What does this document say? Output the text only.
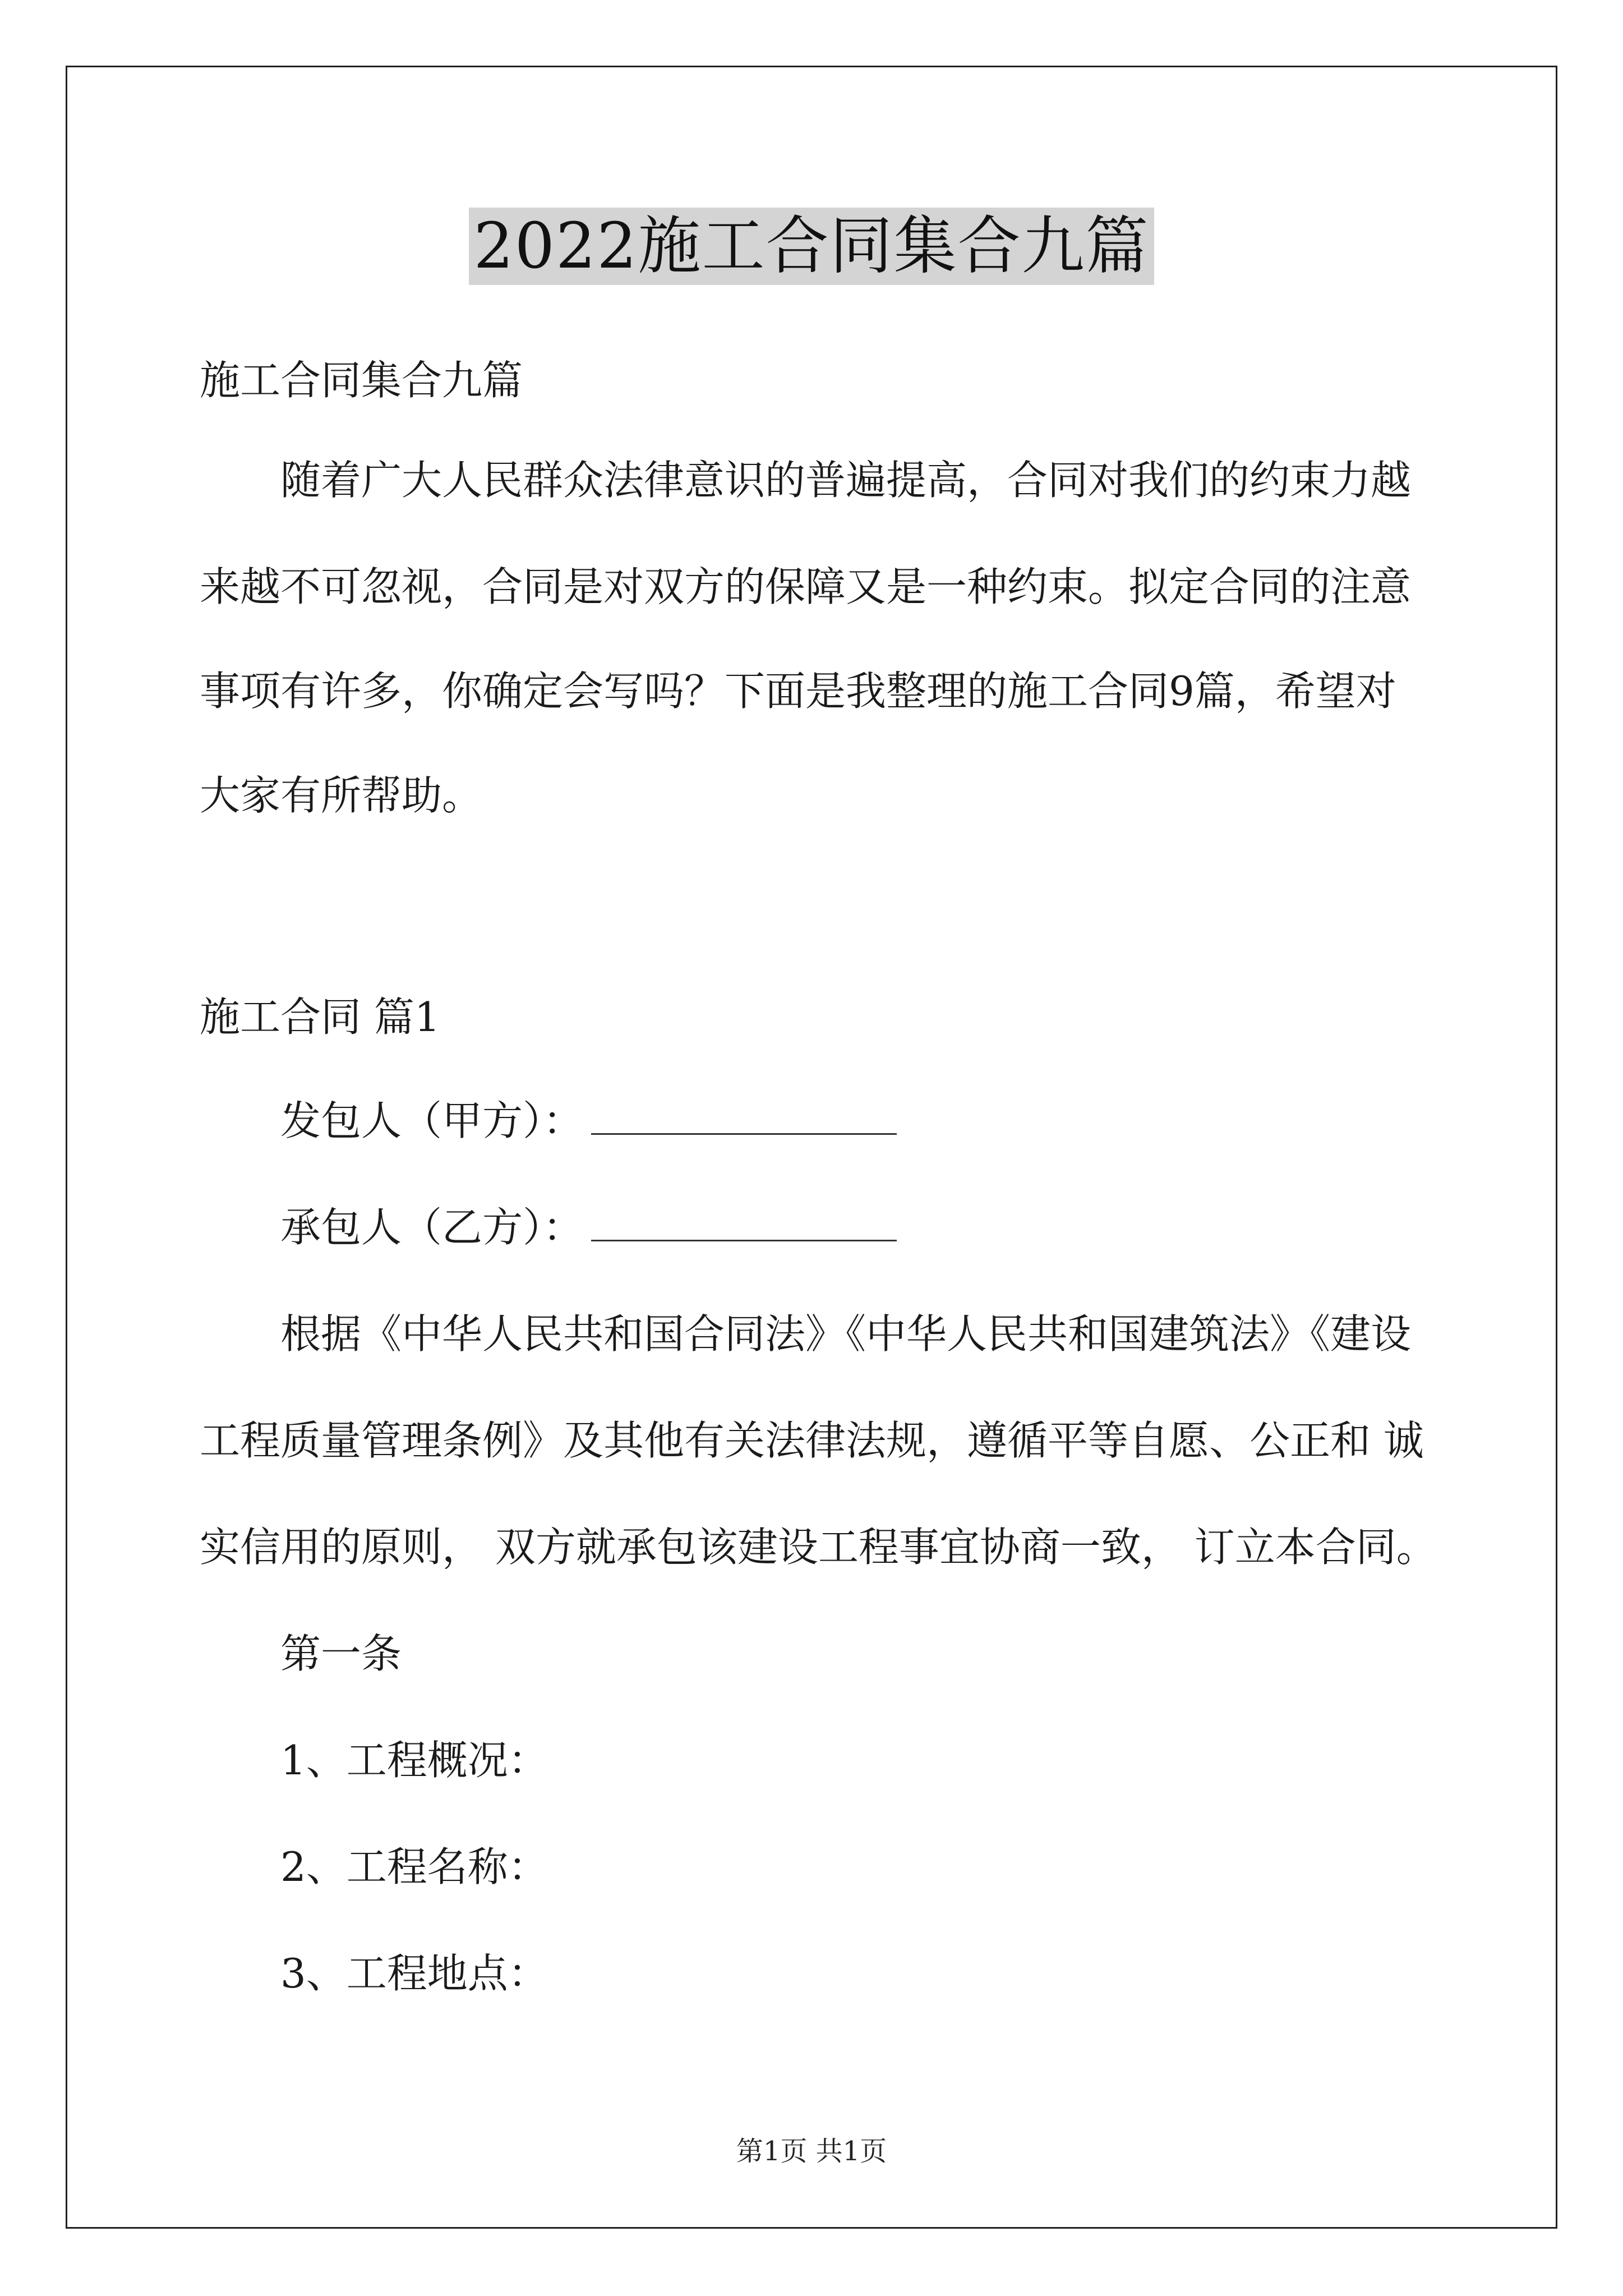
2022施工合同集合九篇
施工合同集合九篇
随着广大人民群众法律意识的普遍提高，合同对我们的约束力越
来越不可忽视，合同是对双方的保障又是一种约束。拟定合同的注意
事项有许多，你确定会写吗？下面是我整理的施工合同9篇，希望对
大家有所帮助。
施工合同 篇1
发包人（甲方）：
承包人（乙方）：
根据《中华人民共和国合同法》《中华人民共和国建筑法》《建设
工程质量管理条例》及其他有关法律法规，遵循平等自愿、公正和 诚
实信用的原则， 双方就承包该建设工程事宜协商一致， 订立本合同。
第一条
1、工程概况：
2、工程名称：
3、工程地点：
第1页 共1页
